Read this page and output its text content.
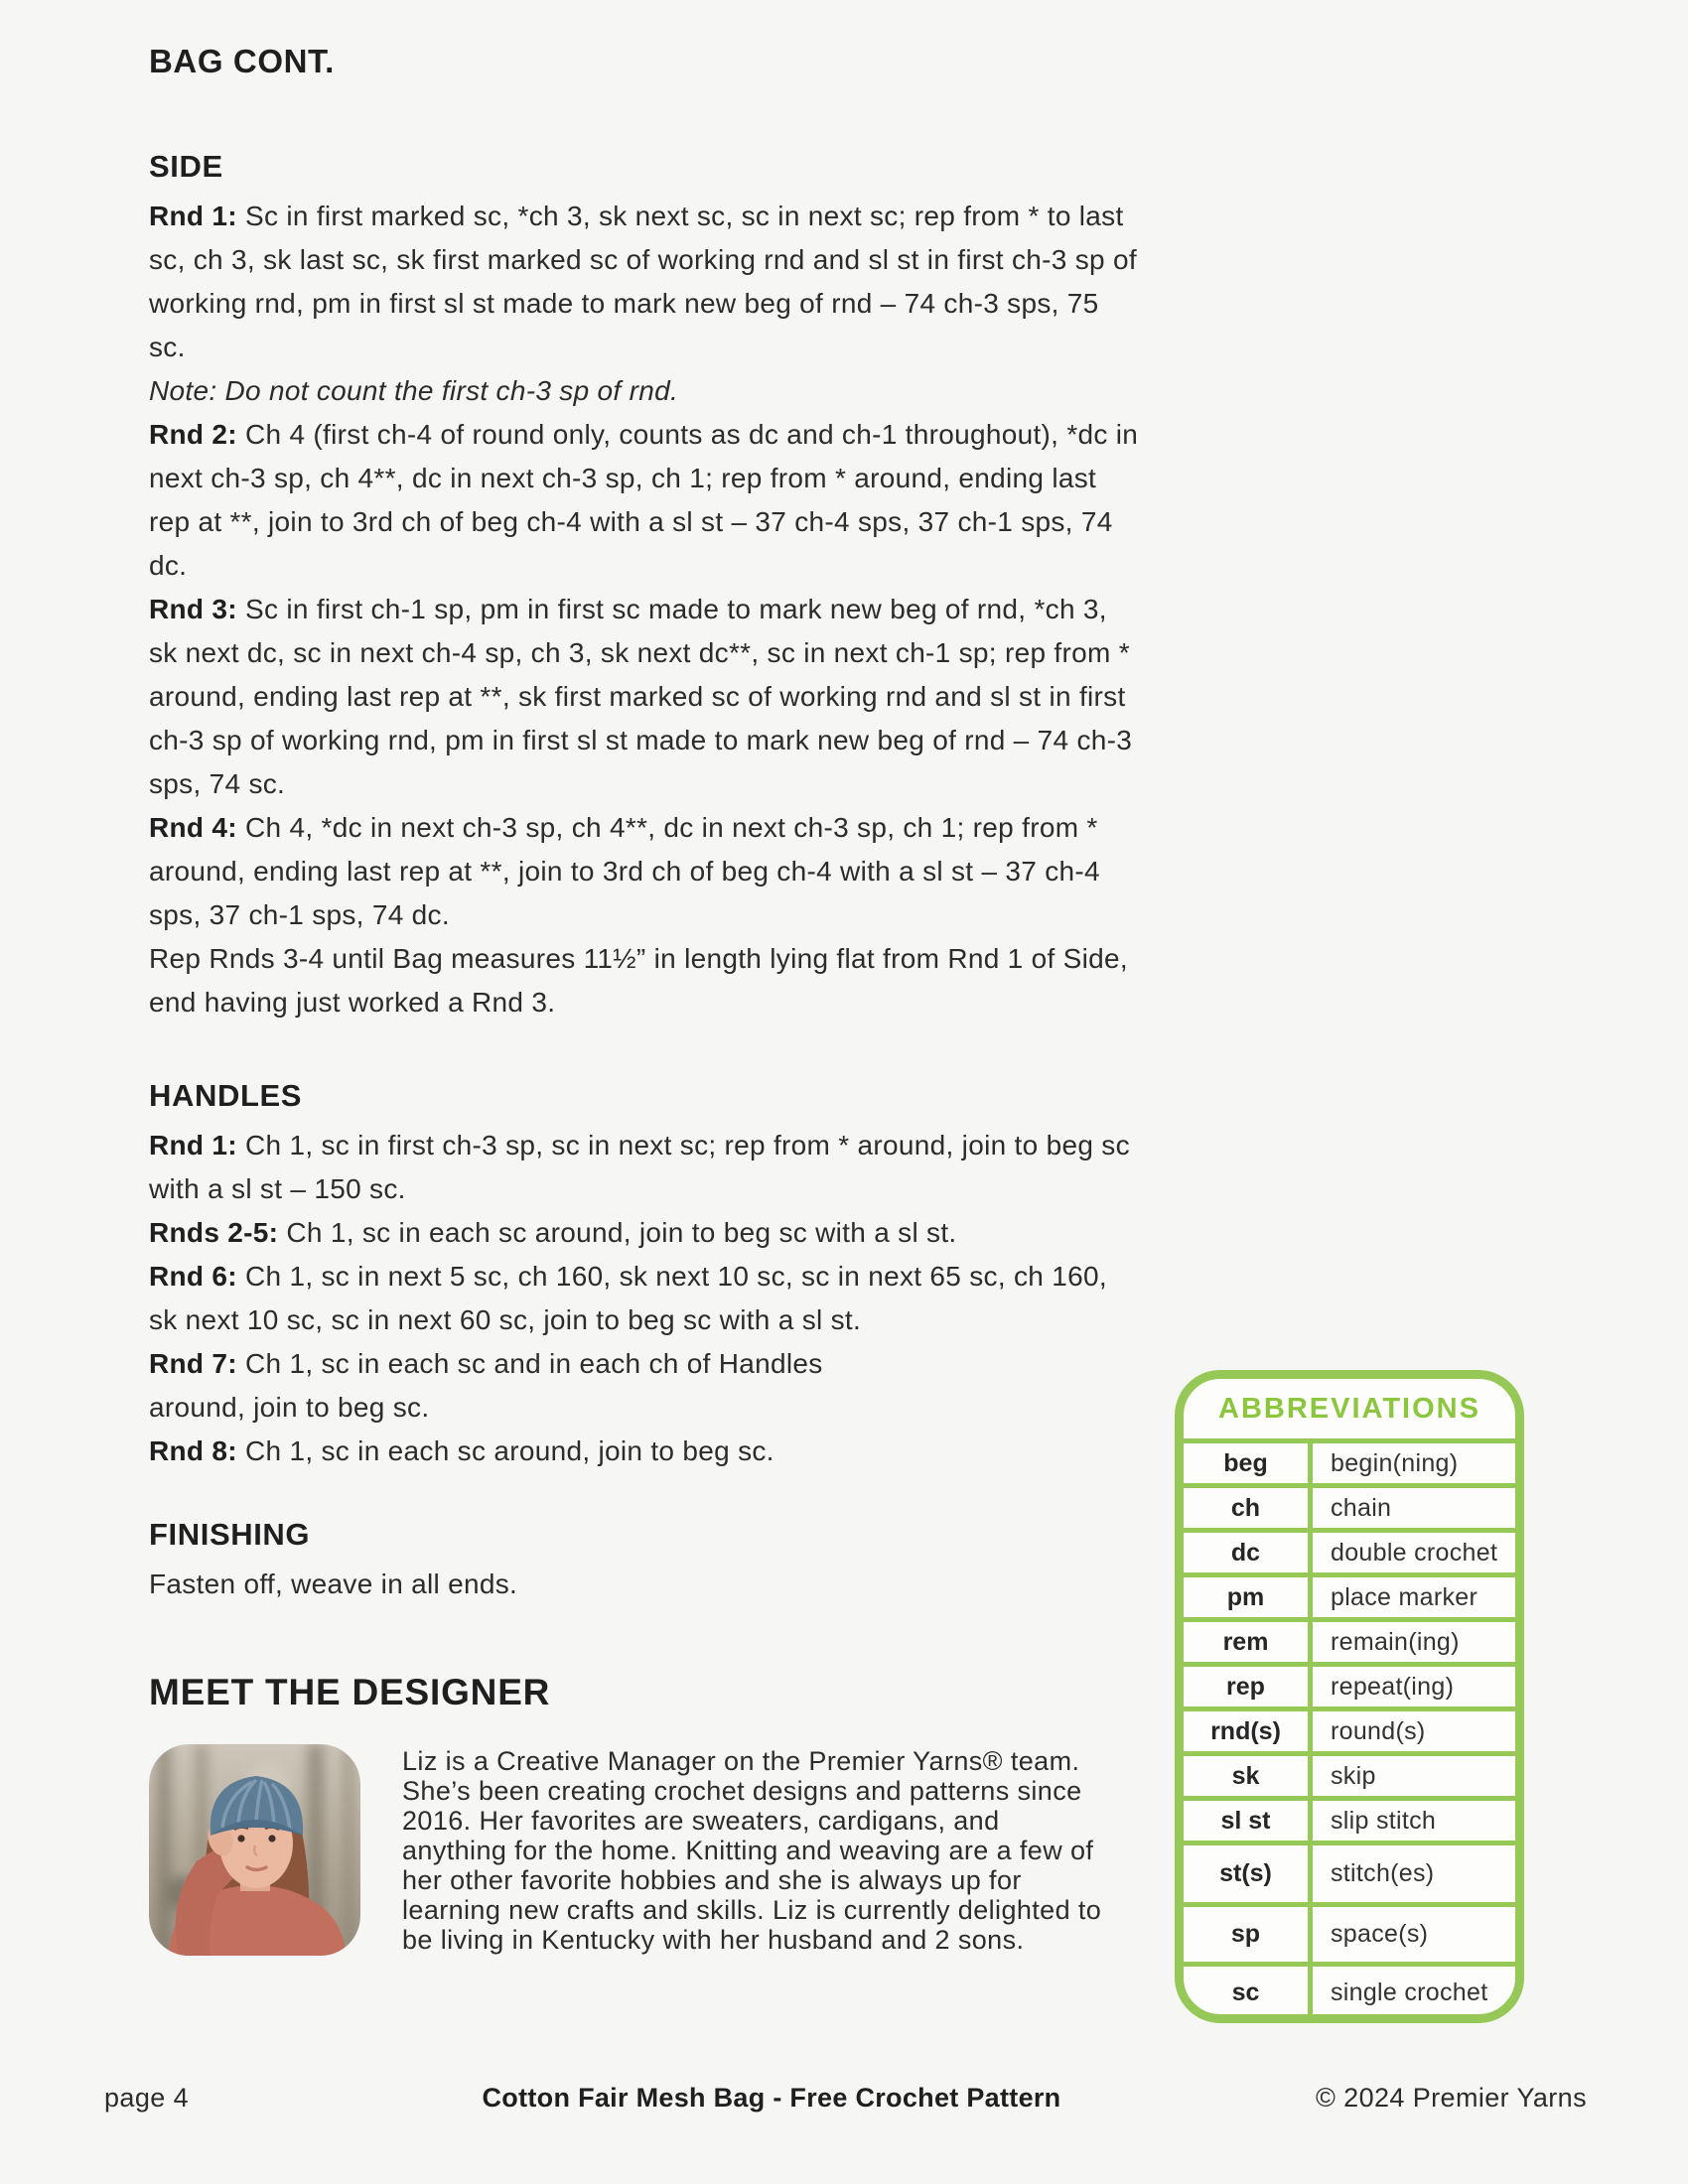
BAG CONT.
SIDE

Rnd 1: Sc in first marked sc, *ch 3, sk next sc, sc in next sc; rep from * to last sc, ch 3, sk last sc, sk first marked sc of working rnd and sl st in first ch-3 sp of working rnd, pm in first sl st made to mark new beg of rnd – 74 ch-3 sps, 75 sc.

Note: Do not count the first ch-3 sp of rnd.

Rnd 2: Ch 4 (first ch-4 of round only, counts as dc and ch-1 throughout), *dc in next ch-3 sp, ch 4**, dc in next ch-3 sp, ch 1; rep from * around, ending last rep at **, join to 3rd ch of beg ch-4 with a sl st – 37 ch-4 sps, 37 ch-1 sps, 74 dc.

Rnd 3: Sc in first ch-1 sp, pm in first sc made to mark new beg of rnd, *ch 3, sk next dc, sc in next ch-4 sp, ch 3, sk next dc**, sc in next ch-1 sp; rep from * around, ending last rep at **, sk first marked sc of working rnd and sl st in first ch-3 sp of working rnd, pm in first sl st made to mark new beg of rnd – 74 ch-3 sps, 74 sc.

Rnd 4: Ch 4, *dc in next ch-3 sp, ch 4**, dc in next ch-3 sp, ch 1; rep from * around, ending last rep at **, join to 3rd ch of beg ch-4 with a sl st – 37 ch-4 sps, 37 ch-1 sps, 74 dc.

Rep Rnds 3-4 until Bag measures 11½” in length lying flat from Rnd 1 of Side, end having just worked a Rnd 3.

HANDLES

Rnd 1: Ch 1, sc in first ch-3 sp, sc in next sc; rep from * around, join to beg sc with a sl st – 150 sc.

Rnds 2-5: Ch 1, sc in each sc around, join to beg sc with a sl st.

Rnd 6: Ch 1, sc in next 5 sc, ch 160, sk next 10 sc, sc in next 65 sc, ch 160, sk next 10 sc, sc in next 60 sc, join to beg sc with a sl st.

Rnd 7: Ch 1, sc in each sc and in each ch of Handles around, join to beg sc.

Rnd 8: Ch 1, sc in each sc around, join to beg sc.

FINISHING

Fasten off, weave in all ends.

MEET THE DESIGNER
Liz is a Creative Manager on the Premier Yarns® team. She’s been creating crochet designs and patterns since 2016. Her favorites are sweaters, cardigans, and anything for the home. Knitting and weaving are a few of her other favorite hobbies and she is always up for learning new crafts and skills. Liz is currently delighted to be living in Kentucky with her husband and 2 sons.
ABBREVIATIONS
beg	begin(ning)
ch	chain
dc	double crochet
pm	place marker
rem	remain(ing)
rep	repeat(ing)
rnd(s)	round(s)
sk	skip
sl st	slip stitch
st(s)	stitch(es)
sp	space(s)
sc	single crochet
page 4	Cotton Fair Mesh Bag - Free Crochet Pattern	© 2024 Premier Yarns
